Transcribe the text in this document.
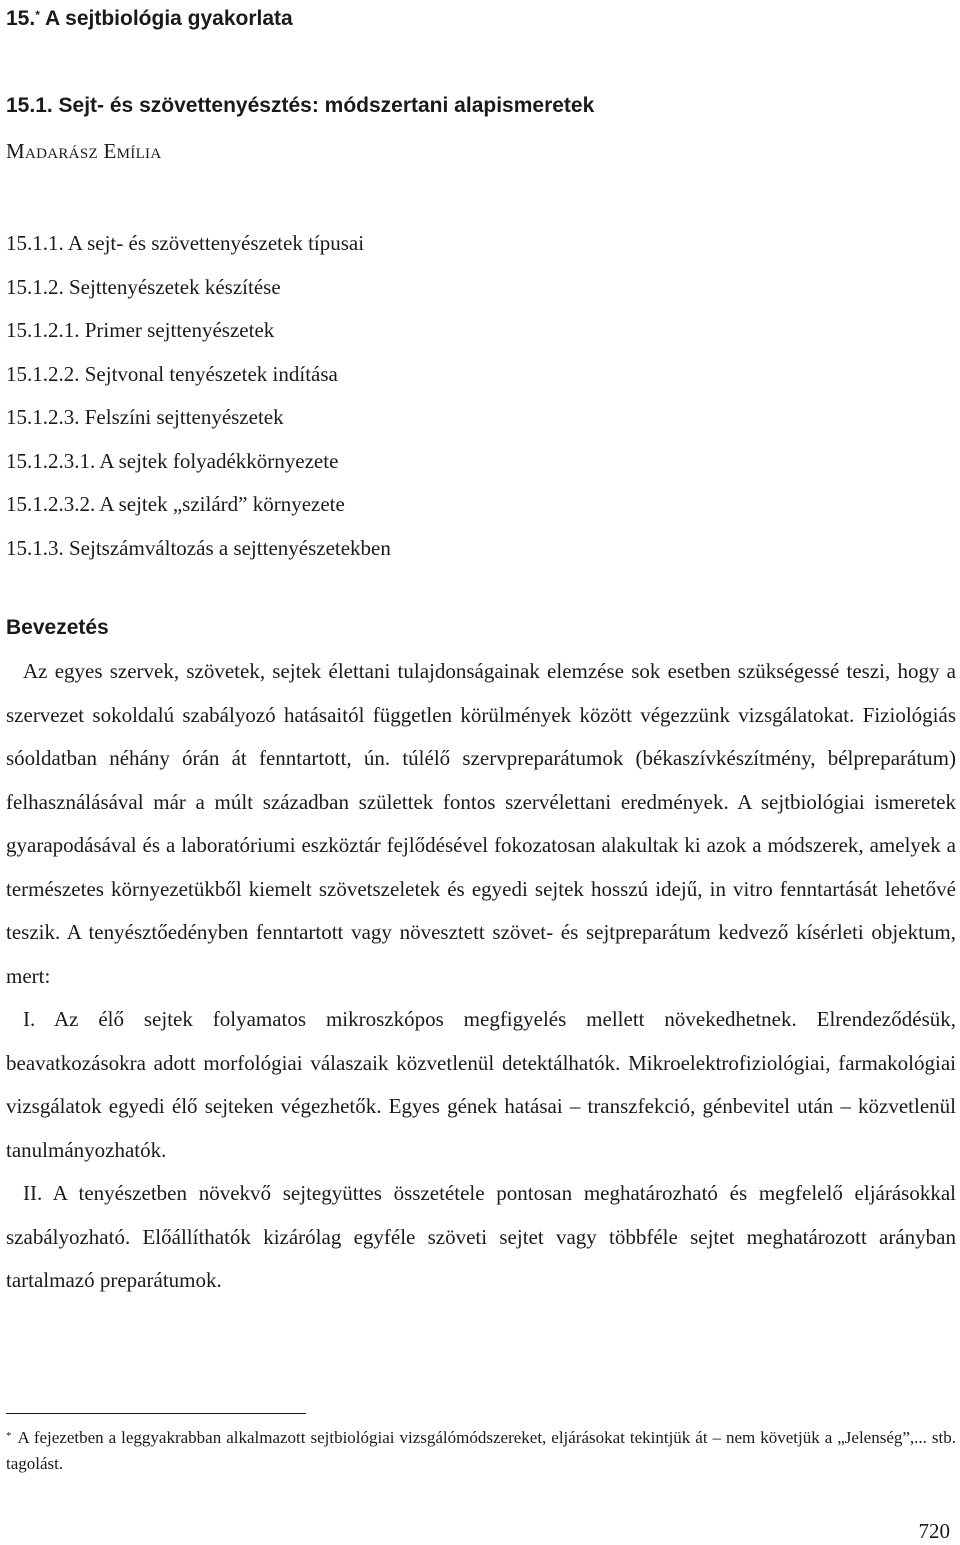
15.* A sejtbiológia gyakorlata
15.1. Sejt- és szövettenyésztés: módszertani alapismeretek
MADARÁSZ EMÍLIA
15.1.1. A sejt- és szövettenyészetek típusai
15.1.2. Sejttenyészetek készítése
15.1.2.1. Primer sejttenyészetek
15.1.2.2. Sejtvonal tenyészetek indítása
15.1.2.3. Felszíni sejttenyészetek
15.1.2.3.1. A sejtek folyadékkörnyezete
15.1.2.3.2. A sejtek „szilárd” környezete
15.1.3. Sejtszámváltozás a sejttenyészetekben
Bevezetés

Az egyes szervek, szövetek, sejtek élettani tulajdonságainak elemzése sok esetben szükségessé teszi, hogy a szervezet sokoldalú szabályozó hatásaitól független körülmények között végezzünk vizsgálatokat. Fiziológiás sóoldatban néhány órán át fenntartott, ún. túlélő szervpreparátumok (békaszívkészítmény, bélpreparátum) felhasználásával már a múlt században születtek fontos szervélettani eredmények. A sejtbiológiai ismeretek gyarapodásával és a laboratóriumi eszköztár fejlődésével fokozatosan alakultak ki azok a módszerek, amelyek a természetes környezetükből kiemelt szövetszeletek és egyedi sejtek hosszú idejű, in vitro fenntartását lehetővé teszik. A tenyésztőedényben fenntartott vagy növesztett szövet- és sejtpreparátum kedvező kísérleti objektum, mert:

I. Az élő sejtek folyamatos mikroszkópos megfigyelés mellett növekedhetnek. Elrendeződésük, beavatkozásokra adott morfológiai válaszaik közvetlenül detektálhatók. Mikroelektrofiziológiai, farmakológiai vizsgálatok egyedi élő sejteken végezhetők. Egyes gének hatásai – transzfekció, génbevitel után – közvetlenül tanulmányozhatók.

II. A tenyészetben növekvő sejtegyüttes összetétele pontosan meghatározható és megfelelő eljárásokkal szabályozható. Előállíthatók kizárólag egyféle szöveti sejtet vagy többféle sejtet meghatározott arányban tartalmazó preparátumok.

* A fejezetben a leggyakrabban alkalmazott sejtbiológiai vizsgálómódszereket, eljárásokat tekintjük át – nem követjük a „Jelenség”,... stb. tagolást.
720
